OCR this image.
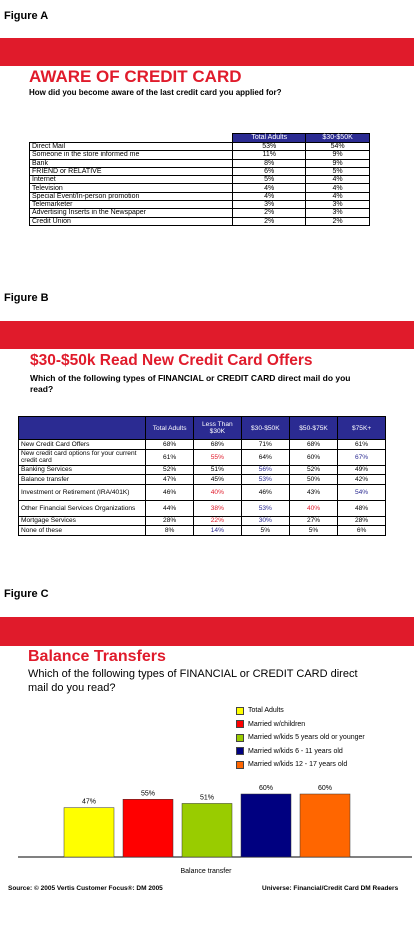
Figure A
AWARE OF CREDIT CARD
How did you become aware of the last credit card you applied for?
	Total Adults	$30-$50K
Direct Mail	53%	54%
Someone in the store informed me	11%	9%
Bank	8%	9%
FRIEND or RELATIVE	6%	5%
Internet	5%	4%
Television	4%	4%
Special Event/In-person promotion	4%	4%
Telemarketer	3%	3%
Advertising Inserts in the Newspaper	2%	3%
Credit Union	2%	2%
Figure B
$30-$50k Read New Credit Card Offers
Which of the following types of FINANCIAL or CREDIT CARD direct mail do you read?
	Total Adults	Less Than $30K	$30-$50K	$50-$75K	$75K+
New Credit Card Offers	68%	68%	71%	68%	61%
New credit card options for your current credit card	61%	55%	64%	60%	67%
Banking Services	52%	51%	56%	52%	49%
Balance transfer	47%	45%	53%	50%	42%
Investment or Retirement (IRA/401K)	46%	40%	46%	43%	54%
Other Financial Services Organizations	44%	38%	53%	40%	48%
Mortgage Services	28%	22%	30%	27%	28%
None of these	8%	14%	5%	5%	6%
Figure C
Balance Transfers
Which of the following types of FINANCIAL or CREDIT CARD direct mail do you read?
Total Adults
Married w/children
Married w/kids 5 years old or younger
Married w/kids 6 - 11 years old
Married w/kids 12 - 17 years old
47%
55%
51%
60%	60%
Balance transfer
Source: © 2005 Vertis Customer Focus®: DM 2005	Universe: Financial/Credit Card DM Readers
